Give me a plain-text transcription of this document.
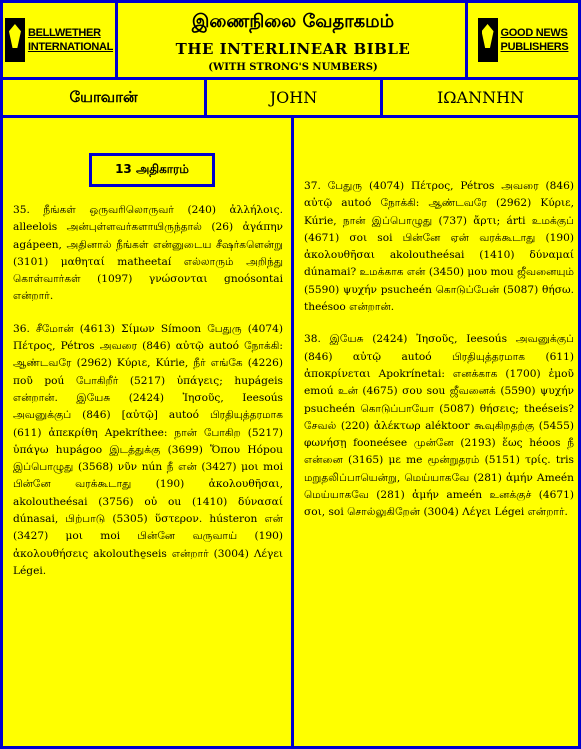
BELLWETHER
INTERNATIONAL
இணைநிலை வேதாகமம்
THE INTERLINEAR BIBLE
(WITH STRONG'S NUMBERS)
GOOD NEWS
PUBLISHERS
யோவான்	JOHN	IΩANNHN
13 அதிகாரம்

35. நீங்கள் ஒருவரிலொருவர் (240) ἀλλήλοις. alleelois அன்புள்ளவர்களாயிருந்தால் (26) ἀγάπην agápeen, அதினால் நீங்கள் என்னுடைய சீஷர்களென்று (3101) μαθηταί matheetaí எல்லாரும் அறிந்து கொள்வார்கள் (1097) γνώσονται gnoósontai என்றார்.

36. சீமோன் (4613) Σίμων Símoon பேதுரு (4074) Πέτρος, Pétros அவரை (846) αὐτῷ autoó நோக்கி: ஆண்டவரே (2962) Κύριε, Kúrie, நீர் எங்கே (4226) ποῦ poú போகிறீர் (5217) ὑπάγεις; hupágeis என்றான். இயேசு (2424) Ἰησοῦς, Ieesoús அவனுக்குப் (846) [αὐτῷ] autoó பிரதியுத்தரமாக (611) ἀπεκρίθη Apekríthee: நான் போகிற (5217) ὑπάγω hupágoo இடத்துக்கு (3699) Ὅπου Hópou இப்பொழுது (3568) νῦν nún நீ என் (3427) μοι moi பின்னே வரக்கூடாது (190) ἀκολουθῆσαι, akoloutheésai (3756) οὐ ou (1410) δύνασαί dúnasai, பிற்பாடு (5305) ὕστερον. hústeron என் (3427) μοι moi பின்னே வருவாய் (190) ἀκολουθήσεις akolouthe̱seis என்றார் (3004) Λέγει Légei.

37. பேதுரு (4074) Πέτρος, Pétros அவரை (846) αὐτῷ autoó நோக்கி: ஆண்டவரே (2962) Κύριε, Kúrie, நான் இப்பொழுது (737) ἄρτι; árti உமக்குப் (4671) σοι soi பின்னே ஏன் வரக்கூடாது (190) ἀκολουθῆσαι akoloutheésai (1410) δύναμαί dúnamai? உமக்காக என் (3450) μου mou ஜீவனையும் (5590) ψυχήν psucheén கொடுப்பேன் (5087) θήσω. theésoo என்றான்.

38. இயேசு (2424) Ἰησοῦς, Ieesoús அவனுக்குப் (846) αὐτῷ autoó பிரதியுத்தரமாக (611) ἀποκρίνεται Apokrínetai: எனக்காக (1700) ἐμοῦ emoú உன் (4675) σου sou ஜீவனைக் (5590) ψυχήν psucheén கொடுப்பாயோ (5087) θήσεις; theéseis? சேவல் (220) ἀλέκτωρ aléktoor கூவுகிறதற்கு (5455) φωνήσῃ fooneésee முன்னே (2193) ἕως héoos நீ என்னை (3165) με me மூன்றுதரம் (5151) τρίς. tris மறுதலிப்பாயென்று, மெய்யாகவே (281) ἀμήν Ameén மெய்யாகவே (281) ἀμήν ameén உனக்குச் (4671) σοι, soi சொல்லுகிறேன் (3004) Λέγει Légei என்றார்.
